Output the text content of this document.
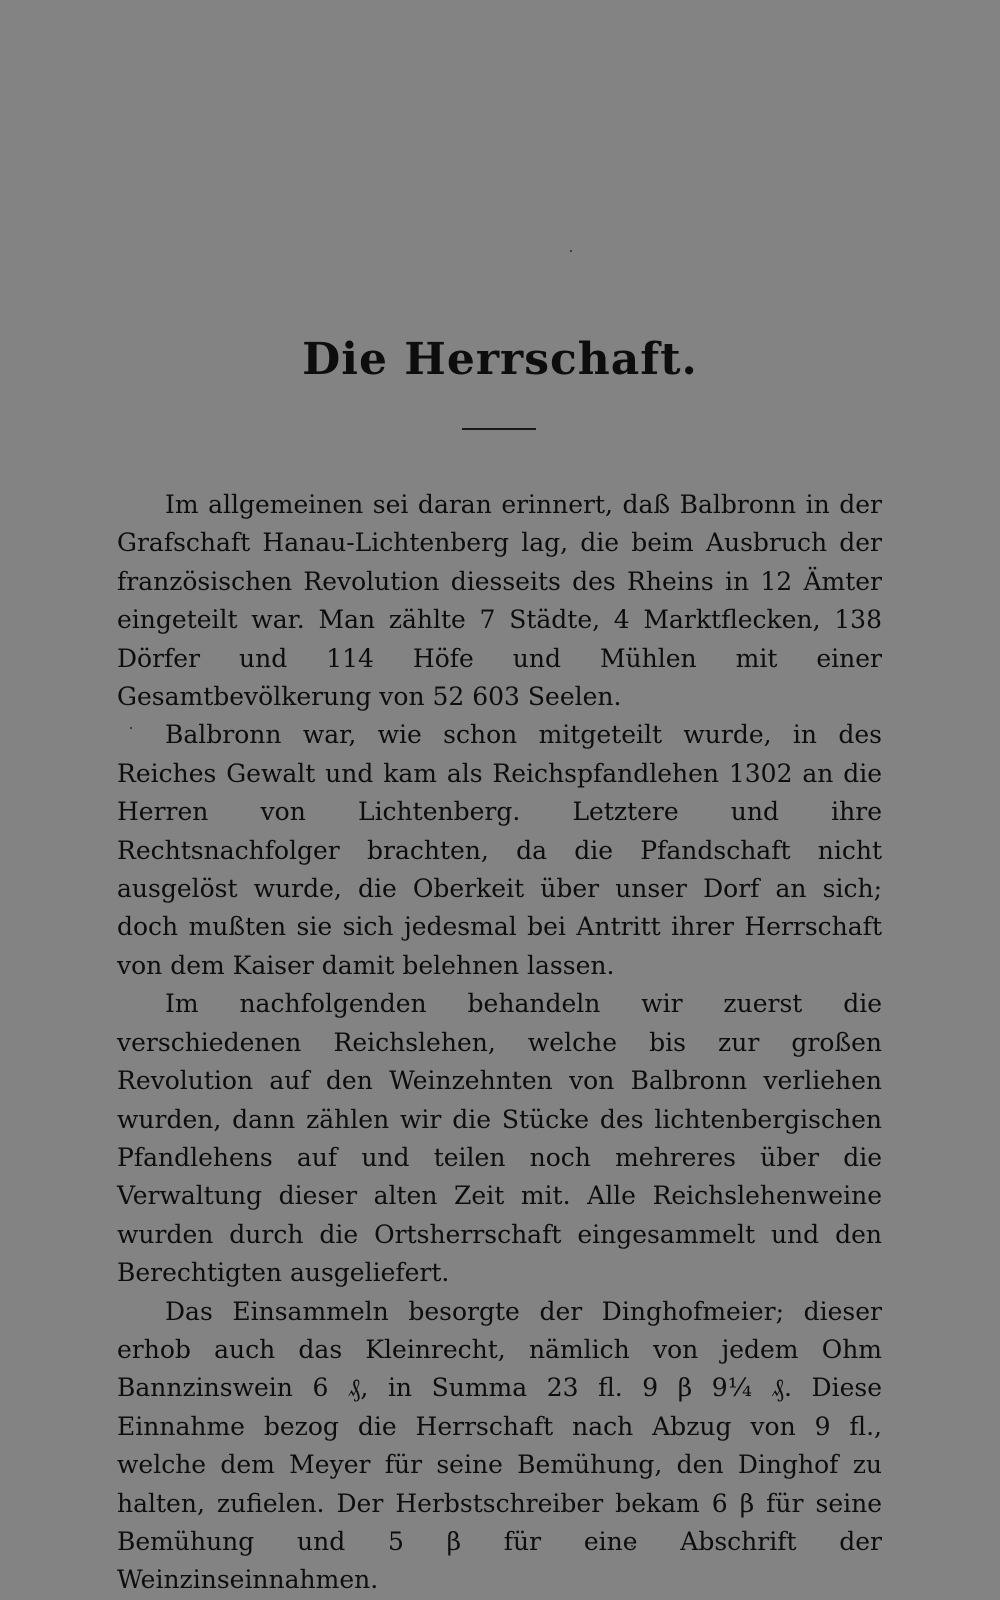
Die Herrschaft.

Im allgemeinen sei daran erinnert, daß Balbronn in der Grafschaft Hanau-Lichtenberg lag, die beim Ausbruch der französischen Revolution diesseits des Rheins in 12 Ämter eingeteilt war. Man zählte 7 Städte, 4 Marktflecken, 138 Dörfer und 114 Höfe und Mühlen mit einer Gesamtbevölkerung von 52 603 Seelen.

Balbronn war, wie schon mitgeteilt wurde, in des Reiches Gewalt und kam als Reichspfandlehen 1302 an die Herren von Lichtenberg. Letztere und ihre Rechtsnachfolger brachten, da die Pfandschaft nicht ausgelöst wurde, die Oberkeit über unser Dorf an sich; doch mußten sie sich jedesmal bei Antritt ihrer Herrschaft von dem Kaiser damit belehnen lassen.

Im nachfolgenden behandeln wir zuerst die verschiedenen Reichslehen, welche bis zur großen Revolution auf den Weinzehnten von Balbronn verliehen wurden, dann zählen wir die Stücke des lichtenbergischen Pfandlehens auf und teilen noch mehreres über die Verwaltung dieser alten Zeit mit. Alle Reichslehenweine wurden durch die Ortsherrschaft eingesammelt und den Berechtigten ausgeliefert.

Das Einsammeln besorgte der Dinghofmeier; dieser erhob auch das Kleinrecht, nämlich von jedem Ohm Bannzinswein 6 ₰, in Summa 23 fl. 9 β 9¼ ₰. Diese Einnahme bezog die Herrschaft nach Abzug von 9 fl., welche dem Meyer für seine Bemühung, den Dinghof zu halten, zufielen. Der Herbstschreiber bekam 6 β für seine Bemühung und 5 β für eine Abschrift der Weinzinseinnahmen.
